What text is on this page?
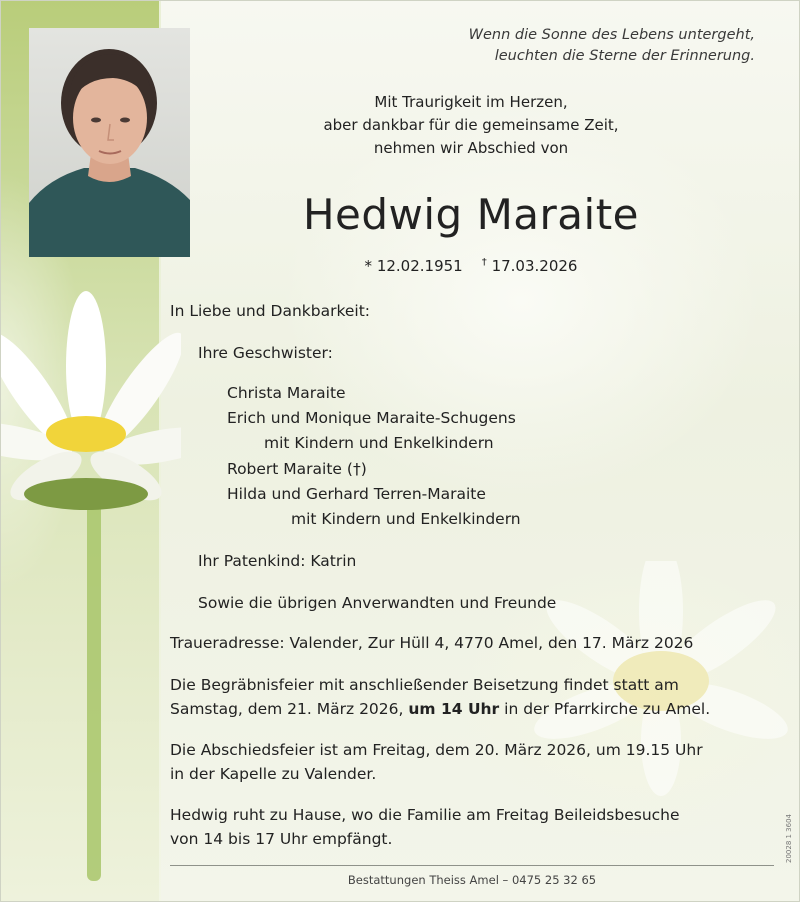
Wenn die Sonne des Lebens untergeht,
leuchten die Sterne der Erinnerung.
Mit Traurigkeit im Herzen,
aber dankbar für die gemeinsame Zeit,
nehmen wir Abschied von
Hedwig Maraite
* 12.02.1951 † 17.03.2026
In Liebe und Dankbarkeit:
Ihre Geschwister:
Christa Maraite
Erich und Monique Maraite-Schugens
mit Kindern und Enkelkindern
Robert Maraite (†)
Hilda und Gerhard Terren-Maraite
mit Kindern und Enkelkindern
Ihr Patenkind: Katrin
Sowie die übrigen Anverwandten und Freunde
Traueradresse: Valender, Zur Hüll 4, 4770 Amel, den 17. März 2026
Die Begräbnisfeier mit anschließender Beisetzung findet statt am
Samstag, dem 21. März 2026, um 14 Uhr in der Pfarrkirche zu Amel.
Die Abschiedsfeier ist am Freitag, dem 20. März 2026, um 19.15 Uhr
in der Kapelle zu Valender.
Hedwig ruht zu Hause, wo die Familie am Freitag Beileidsbesuche
von 14 bis 17 Uhr empfängt.
Bestattungen Theiss Amel – 0475 25 32 65
20028 1 3604
